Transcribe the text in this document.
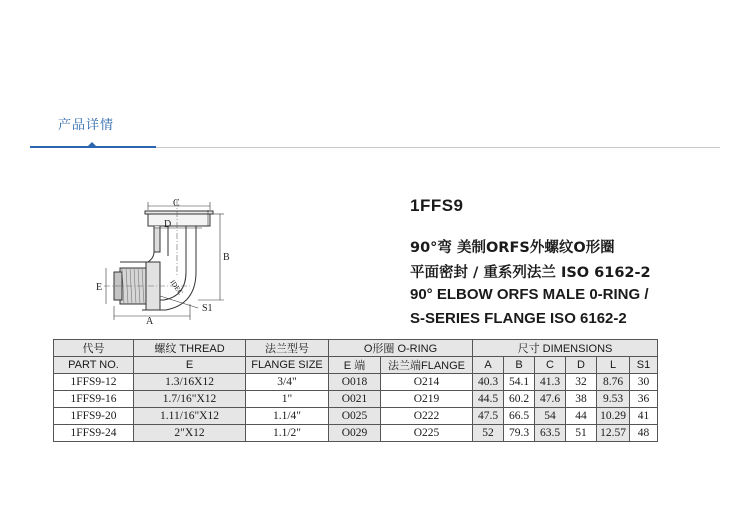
产品详情
C
D
B
E
A
S1
IDEC
1FFS9
90°弯 美制ORFS外螺纹O形圈
平面密封 / 重系列法兰 ISO 6162-2
90° ELBOW ORFS MALE 0-RING /
S-SERIES FLANGE ISO 6162-2
代号	螺纹 THREAD	法兰型号	O形圈 O-RING		尺寸 DIMENSIONS					
PART NO.	E	FLANGE SIZE	E 端	法兰端FLANGE	A	B	C	D	L	S1
1FFS9-12	1.3/16X12	3/4"	O018	O214	40.3	54.1	41.3	32	8.76	30
1FFS9-16	1.7/16"X12	1"	O021	O219	44.5	60.2	47.6	38	9.53	36
1FFS9-20	1.11/16"X12	1.1/4"	O025	O222	47.5	66.5	54	44	10.29	41
1FFS9-24	2"X12	1.1/2"	O029	O225	52	79.3	63.5	51	12.57	48
